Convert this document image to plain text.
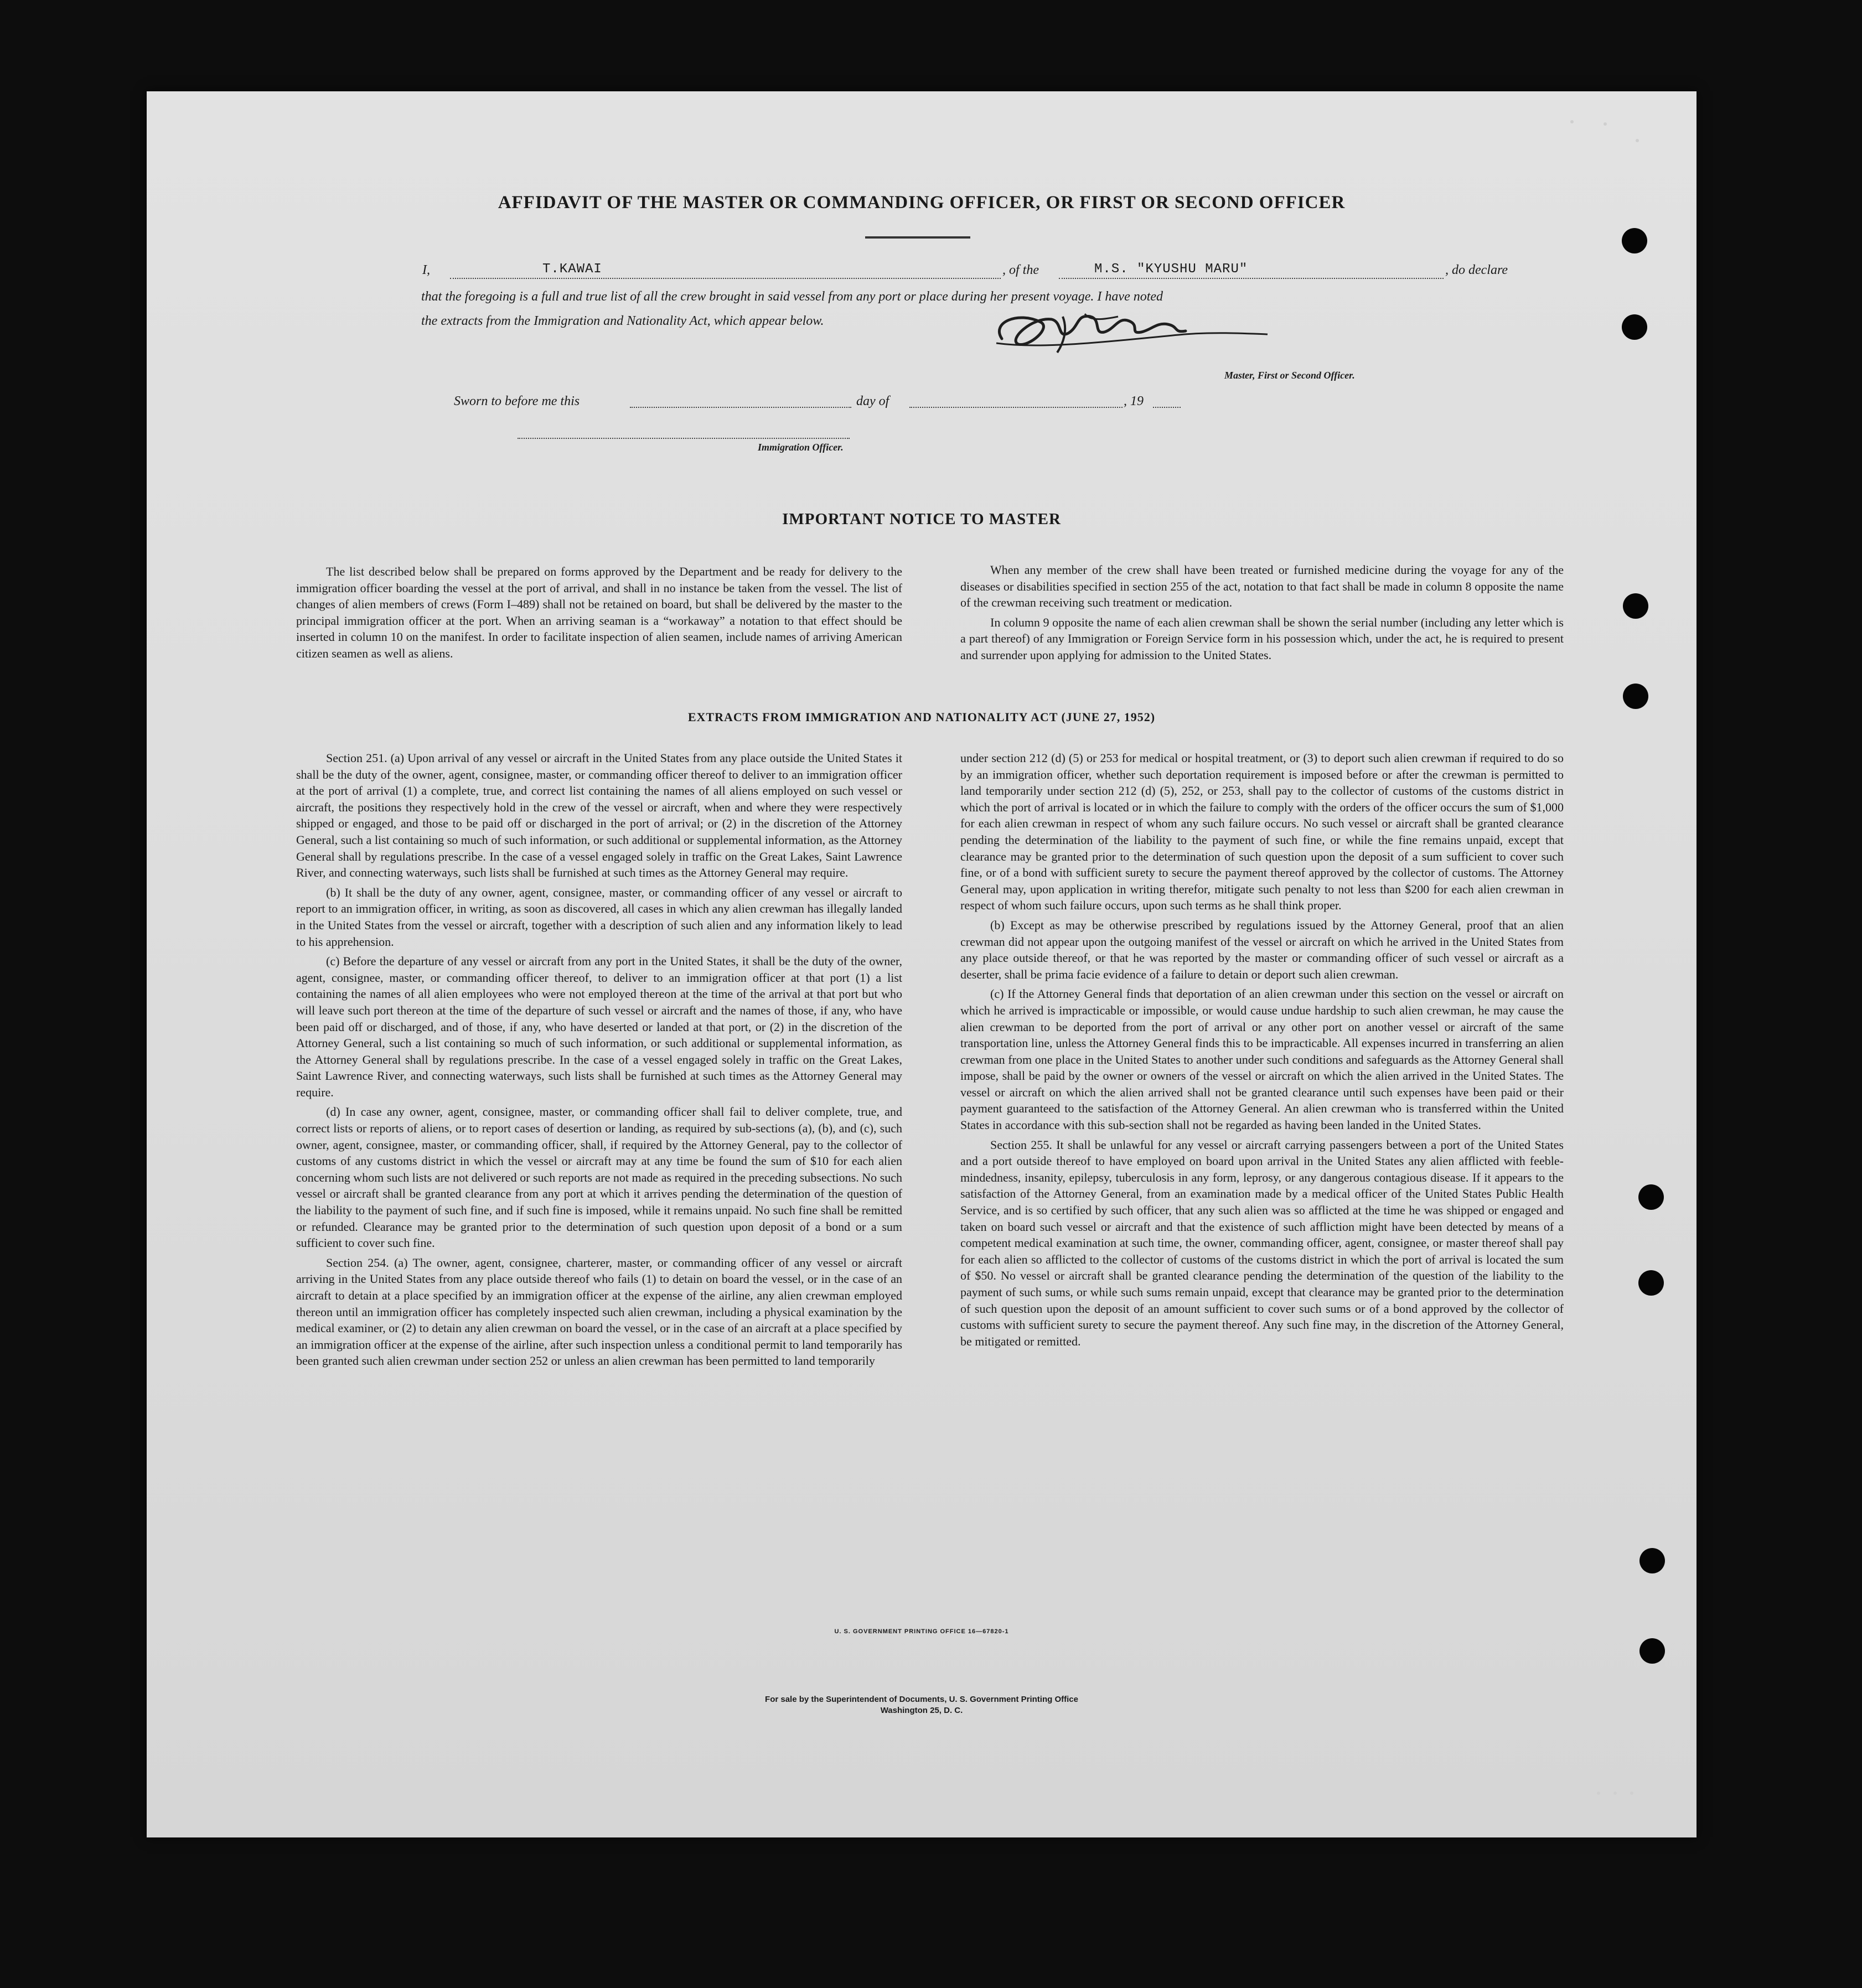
AFFIDAVIT OF THE MASTER OR COMMANDING OFFICER, OR FIRST OR SECOND OFFICER
I,	T.KAWAI	, of the	M.S. "KYUSHU MARU"	, do declare
that the foregoing is a full and true list of all the crew brought in said vessel from any port or place during her present voyage. I have noted
the extracts from the Immigration and Nationality Act, which appear below.
Master, First or Second Officer.
Sworn to before me this	day of	, 19
Immigration Officer.
IMPORTANT NOTICE TO MASTER

The list described below shall be prepared on forms approved by the Department and be ready for delivery to the immigration officer boarding the vessel at the port of arrival, and shall in no instance be taken from the vessel. The list of changes of alien members of crews (Form I–489) shall not be retained on board, but shall be delivered by the master to the principal immigration officer at the port. When an arriving seaman is a “workaway” a notation to that effect should be inserted in column 10 on the manifest. In order to facilitate inspection of alien seamen, include names of arriving American citizen seamen as well as aliens.

When any member of the crew shall have been treated or furnished medicine during the voyage for any of the diseases or disabilities specified in section 255 of the act, notation to that fact shall be made in column 8 opposite the name of the crewman receiving such treatment or medication.

In column 9 opposite the name of each alien crewman shall be shown the serial number (including any letter which is a part thereof) of any Immigration or Foreign Service form in his possession which, under the act, he is required to present and surrender upon applying for admission to the United States.

EXTRACTS FROM IMMIGRATION AND NATIONALITY ACT (JUNE 27, 1952)

Section 251. (a) Upon arrival of any vessel or aircraft in the United States from any place outside the United States it shall be the duty of the owner, agent, consignee, master, or commanding officer thereof to deliver to an immigration officer at the port of arrival (1) a complete, true, and correct list containing the names of all aliens employed on such vessel or aircraft, the positions they respectively hold in the crew of the vessel or aircraft, when and where they were respectively shipped or engaged, and those to be paid off or discharged in the port of arrival; or (2) in the discretion of the Attorney General, such a list containing so much of such information, or such additional or supplemental information, as the Attorney General shall by regulations prescribe. In the case of a vessel engaged solely in traffic on the Great Lakes, Saint Lawrence River, and connecting waterways, such lists shall be furnished at such times as the Attorney General may require.

(b) It shall be the duty of any owner, agent, consignee, master, or commanding officer of any vessel or aircraft to report to an immigration officer, in writing, as soon as discovered, all cases in which any alien crewman has illegally landed in the United States from the vessel or aircraft, together with a description of such alien and any information likely to lead to his apprehension.

(c) Before the departure of any vessel or aircraft from any port in the United States, it shall be the duty of the owner, agent, consignee, master, or commanding officer thereof, to deliver to an immigration officer at that port (1) a list containing the names of all alien employees who were not employed thereon at the time of the arrival at that port but who will leave such port thereon at the time of the departure of such vessel or aircraft and the names of those, if any, who have been paid off or discharged, and of those, if any, who have deserted or landed at that port, or (2) in the discretion of the Attorney General, such a list containing so much of such information, or such additional or supplemental information, as the Attorney General shall by regulations prescribe. In the case of a vessel engaged solely in traffic on the Great Lakes, Saint Lawrence River, and connecting waterways, such lists shall be furnished at such times as the Attorney General may require.

(d) In case any owner, agent, consignee, master, or commanding officer shall fail to deliver complete, true, and correct lists or reports of aliens, or to report cases of desertion or landing, as required by sub-sections (a), (b), and (c), such owner, agent, consignee, master, or commanding officer, shall, if required by the Attorney General, pay to the collector of customs of any customs district in which the vessel or aircraft may at any time be found the sum of $10 for each alien concerning whom such lists are not delivered or such reports are not made as required in the preceding subsections. No such vessel or aircraft shall be granted clearance from any port at which it arrives pending the determination of the question of the liability to the payment of such fine, and if such fine is imposed, while it remains unpaid. No such fine shall be remitted or refunded. Clearance may be granted prior to the determination of such question upon deposit of a bond or a sum sufficient to cover such fine.

Section 254. (a) The owner, agent, consignee, charterer, master, or commanding officer of any vessel or aircraft arriving in the United States from any place outside thereof who fails (1) to detain on board the vessel, or in the case of an aircraft to detain at a place specified by an immigration officer at the expense of the airline, any alien crewman employed thereon until an immigration officer has completely inspected such alien crewman, including a physical examination by the medical examiner, or (2) to detain any alien crewman on board the vessel, or in the case of an aircraft at a place specified by an immigration officer at the expense of the airline, after such inspection unless a conditional permit to land temporarily has been granted such alien crewman under section 252 or unless an alien crewman has been permitted to land temporarily

under section 212 (d) (5) or 253 for medical or hospital treatment, or (3) to deport such alien crewman if required to do so by an immigration officer, whether such deportation requirement is imposed before or after the crewman is permitted to land temporarily under section 212 (d) (5), 252, or 253, shall pay to the collector of customs of the customs district in which the port of arrival is located or in which the failure to comply with the orders of the officer occurs the sum of $1,000 for each alien crewman in respect of whom any such failure occurs. No such vessel or aircraft shall be granted clearance pending the determination of the liability to the payment of such fine, or while the fine remains unpaid, except that clearance may be granted prior to the determination of such question upon the deposit of a sum sufficient to cover such fine, or of a bond with sufficient surety to secure the payment thereof approved by the collector of customs. The Attorney General may, upon application in writing therefor, mitigate such penalty to not less than $200 for each alien crewman in respect of whom such failure occurs, upon such terms as he shall think proper.

(b) Except as may be otherwise prescribed by regulations issued by the Attorney General, proof that an alien crewman did not appear upon the outgoing manifest of the vessel or aircraft on which he arrived in the United States from any place outside thereof, or that he was reported by the master or commanding officer of such vessel or aircraft as a deserter, shall be prima facie evidence of a failure to detain or deport such alien crewman.

(c) If the Attorney General finds that deportation of an alien crewman under this section on the vessel or aircraft on which he arrived is impracticable or impossible, or would cause undue hardship to such alien crewman, he may cause the alien crewman to be deported from the port of arrival or any other port on another vessel or aircraft of the same transportation line, unless the Attorney General finds this to be impracticable. All expenses incurred in transferring an alien crewman from one place in the United States to another under such conditions and safeguards as the Attorney General shall impose, shall be paid by the owner or owners of the vessel or aircraft on which the alien arrived in the United States. The vessel or aircraft on which the alien arrived shall not be granted clearance until such expenses have been paid or their payment guaranteed to the satisfaction of the Attorney General. An alien crewman who is transferred within the United States in accordance with this sub-section shall not be regarded as having been landed in the United States.

Section 255. It shall be unlawful for any vessel or aircraft carrying passengers between a port of the United States and a port outside thereof to have employed on board upon arrival in the United States any alien afflicted with feeble-mindedness, insanity, epilepsy, tuberculosis in any form, leprosy, or any dangerous contagious disease. If it appears to the satisfaction of the Attorney General, from an examination made by a medical officer of the United States Public Health Service, and is so certified by such officer, that any such alien was so afflicted at the time he was shipped or engaged and taken on board such vessel or aircraft and that the existence of such affliction might have been detected by means of a competent medical examination at such time, the owner, commanding officer, agent, consignee, or master thereof shall pay for each alien so afflicted to the collector of customs of the customs district in which the port of arrival is located the sum of $50. No vessel or aircraft shall be granted clearance pending the determination of the question of the liability to the payment of such sums, or while such sums remain unpaid, except that clearance may be granted prior to the determination of such question upon the deposit of an amount sufficient to cover such sums or of a bond approved by the collector of customs with sufficient surety to secure the payment thereof. Any such fine may, in the discretion of the Attorney General, be mitigated or remitted.

U. S. GOVERNMENT PRINTING OFFICE 16—67820-1
For sale by the Superintendent of Documents, U. S. Government Printing Office
Washington 25, D. C.
